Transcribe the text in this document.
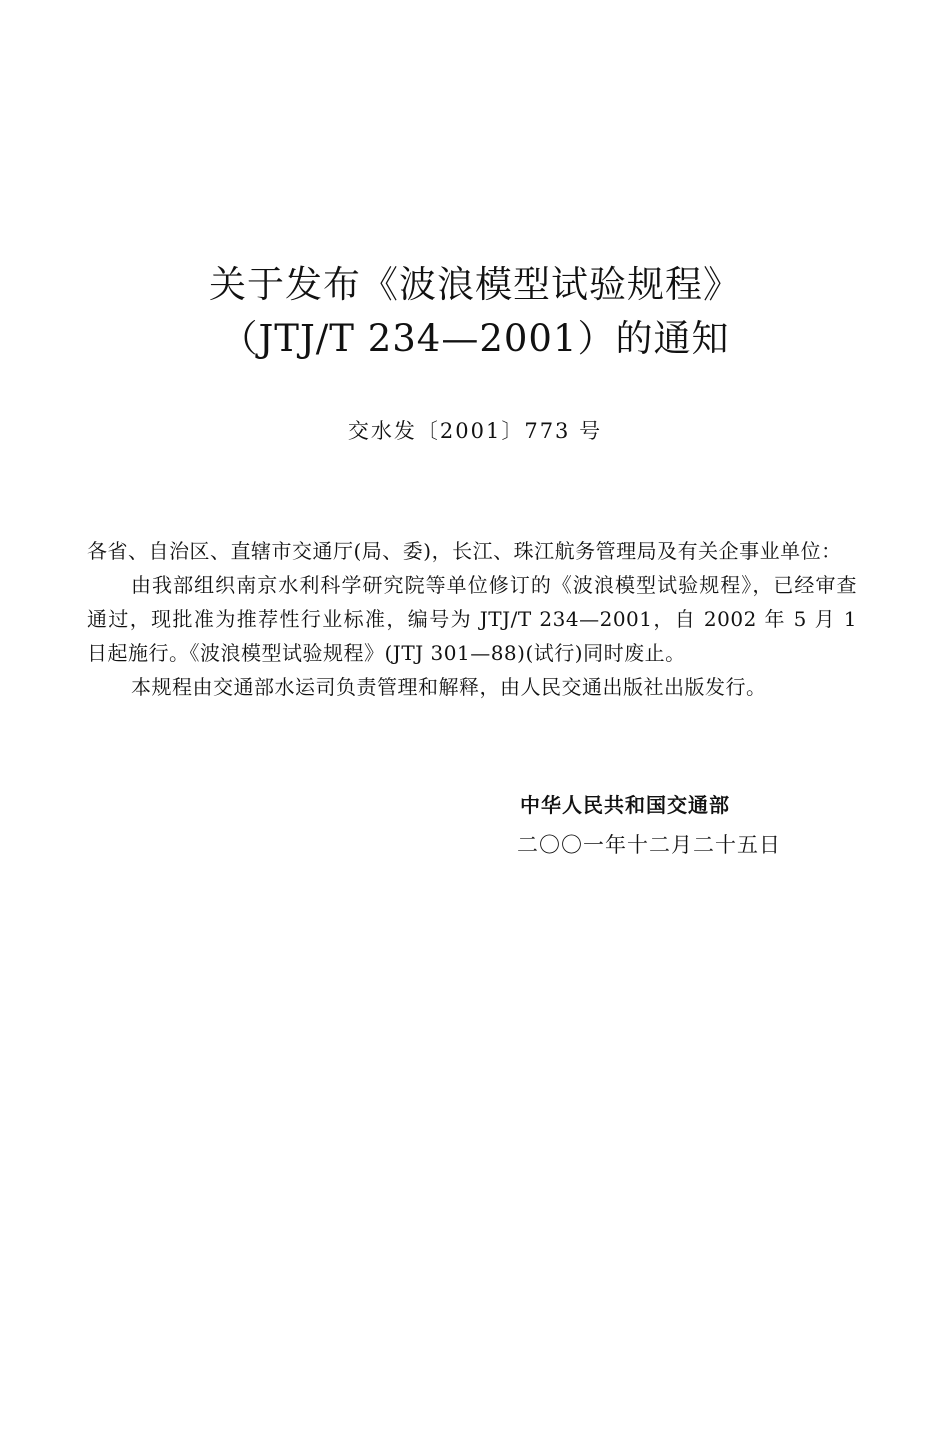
关于发布《波浪模型试验规程》
（JTJ/T 234—2001）的通知
交水发〔2001〕773 号

各省、自治区、直辖市交通厅(局、委)，长江、珠江航务管理局及有关企事业单位：

由我部组织南京水利科学研究院等单位修订的《波浪模型试验规程》，已经审查通过，现批准为推荐性行业标准，编号为 JTJ/T 234—2001，自 2002 年 5 月 1 日起施行。《波浪模型试验规程》(JTJ 301—88)(试行)同时废止。

本规程由交通部水运司负责管理和解释，由人民交通出版社出版发行。

中华人民共和国交通部
二〇〇一年十二月二十五日
